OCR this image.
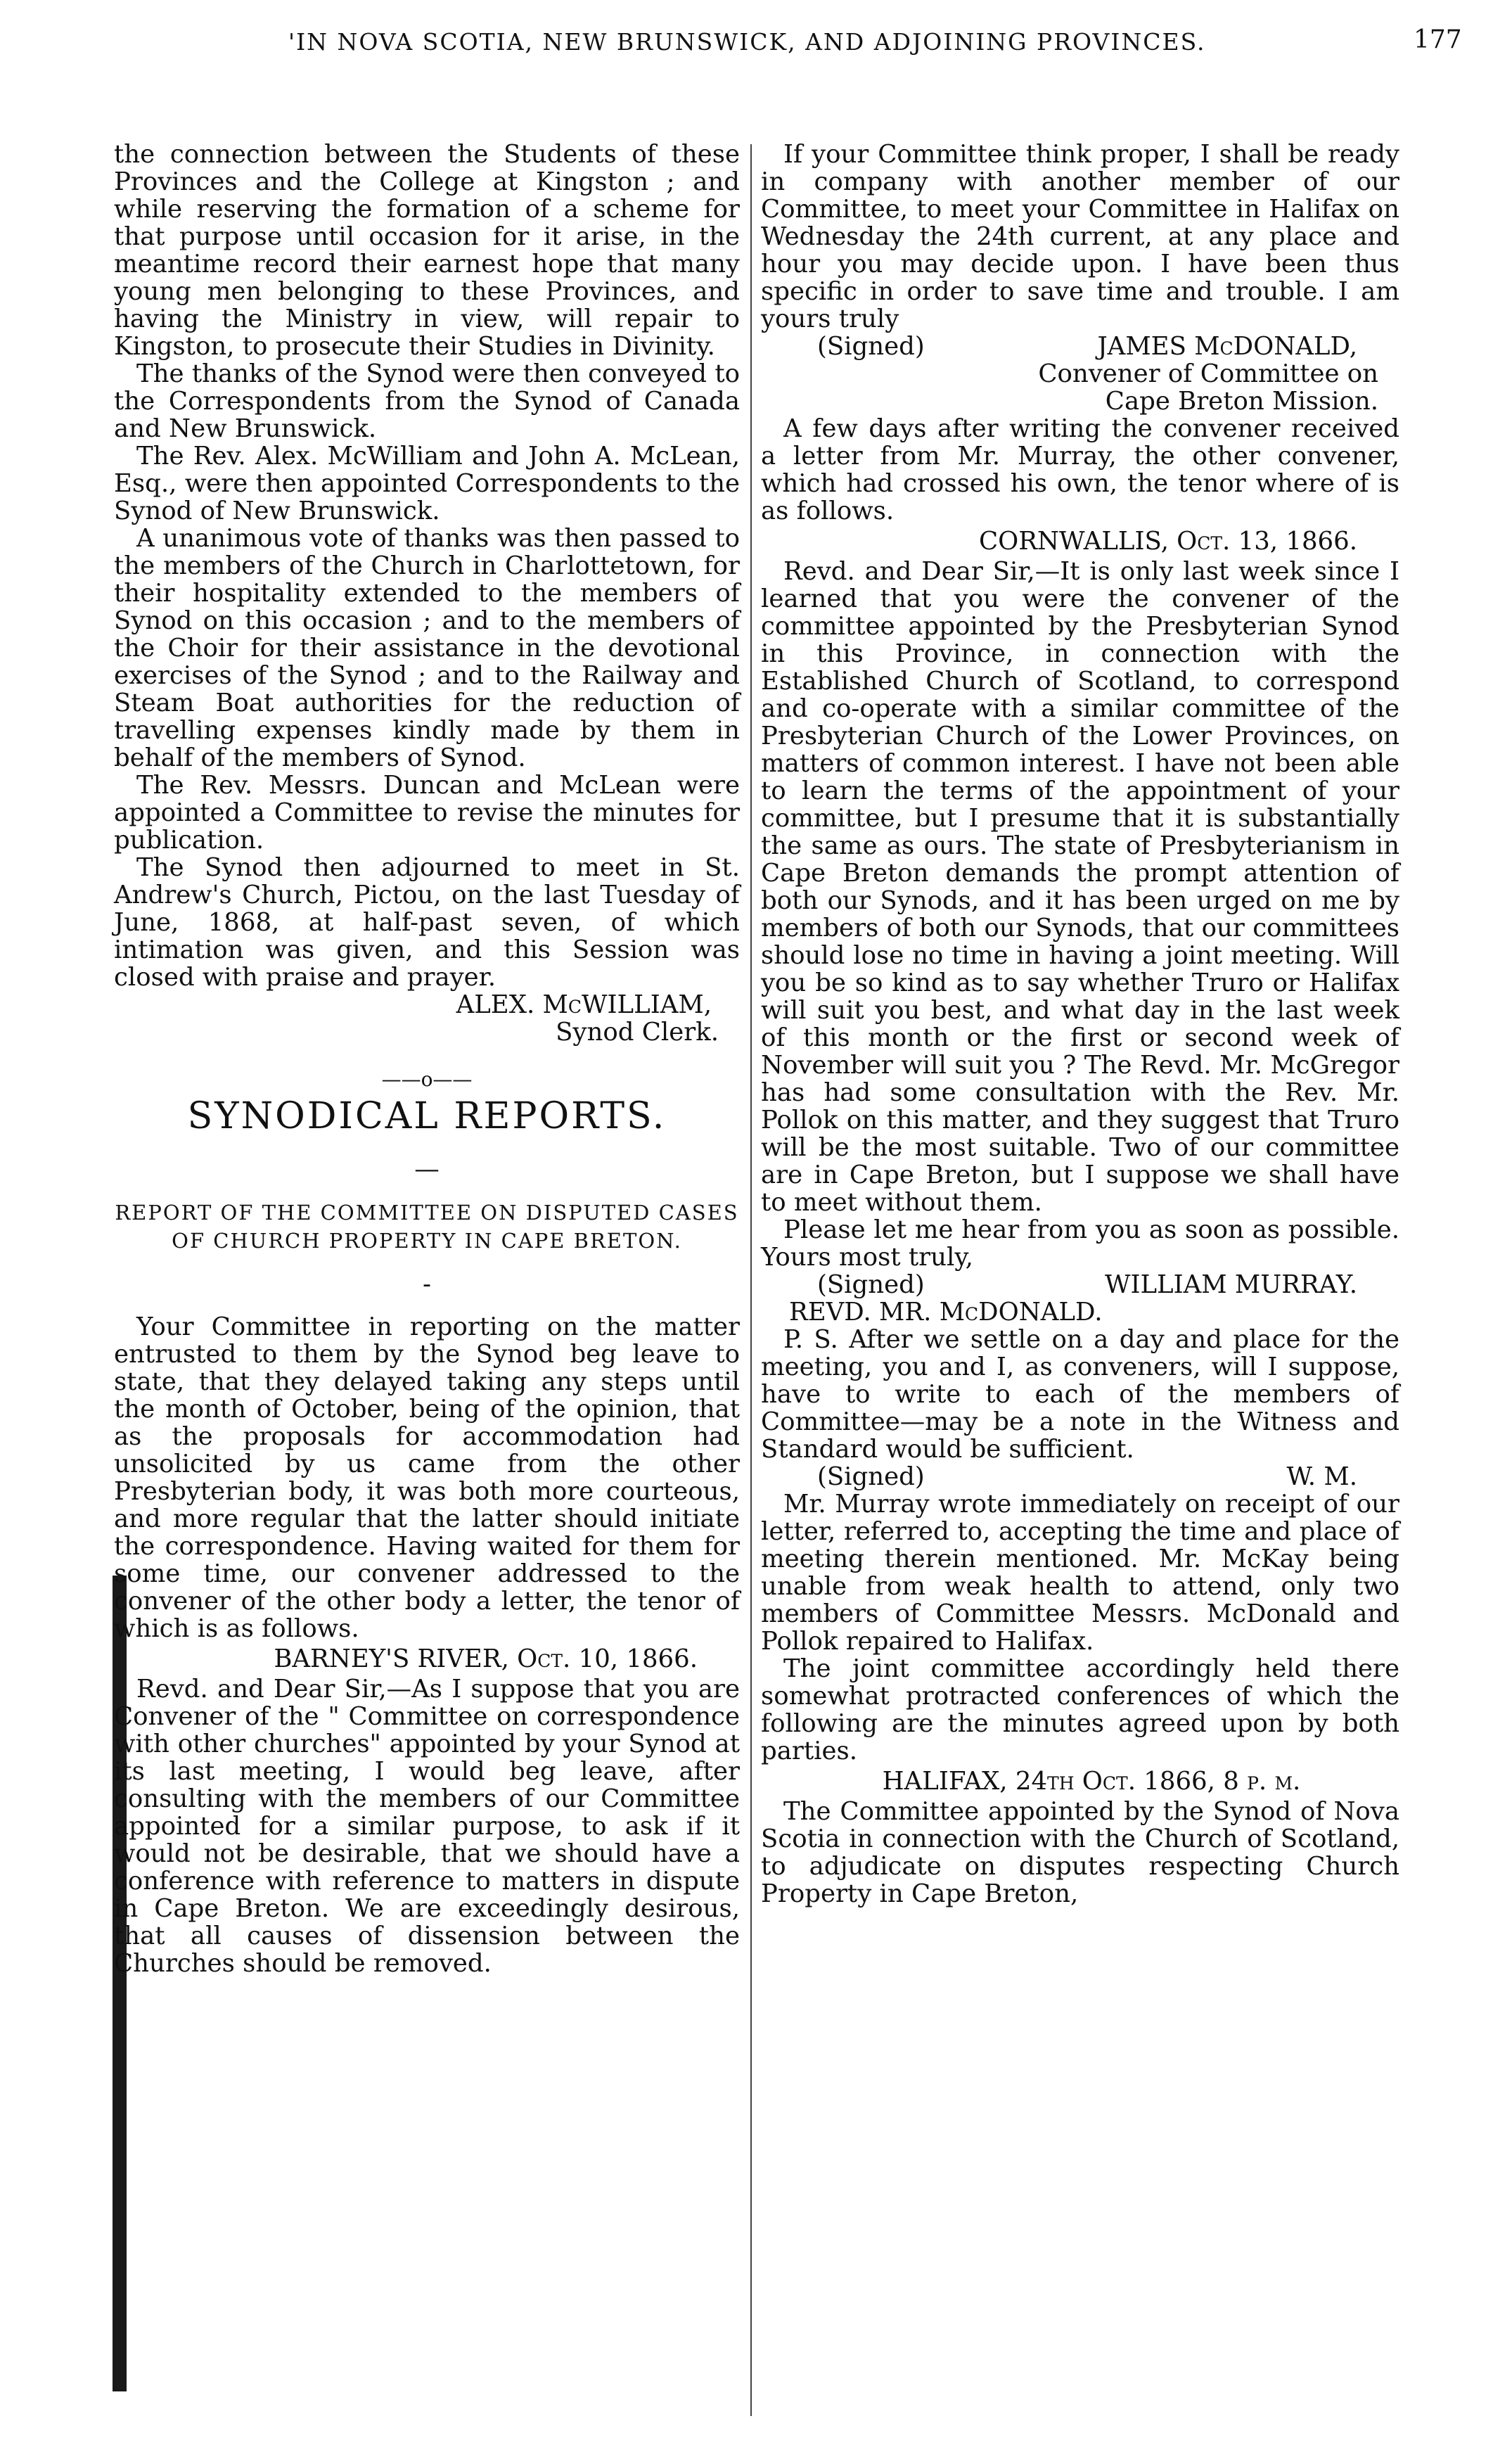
'IN NOVA SCOTIA, NEW BRUNSWICK, AND ADJOINING PROVINCES.	177

the connection between the Students of these Provinces and the College at Kingston ; and while reserving the formation of a scheme for that purpose until occasion for it arise, in the meantime record their earnest hope that many young men belonging to these Provinces, and having the Ministry in view, will repair to Kingston, to prosecute their Studies in Divinity.

The thanks of the Synod were then conveyed to the Correspondents from the Synod of Canada and New Brunswick.

The Rev. Alex. McWilliam and John A. McLean, Esq., were then appointed Correspondents to the Synod of New Brunswick.

A unanimous vote of thanks was then passed to the members of the Church in Charlottetown, for their hospitality extended to the members of Synod on this occasion ; and to the members of the Choir for their assistance in the devotional exercises of the Synod ; and to the Railway and Steam Boat authorities for the reduction of travelling expenses kindly made by them in behalf of the members of Synod.

The Rev. Messrs. Duncan and McLean were appointed a Committee to revise the minutes for publication.

The Synod then adjourned to meet in St. Andrew's Church, Pictou, on the last Tuesday of June, 1868, at half-past seven, of which intimation was given, and this Session was closed with praise and prayer.

ALEX. McWILLIAM,

Synod Clerk.

——o——
SYNODICAL REPORTS.
—
REPORT OF THE COMMITTEE ON DISPUTED CASES OF CHURCH PROPERTY IN CAPE BRETON.
-

Your Committee in reporting on the matter entrusted to them by the Synod beg leave to state, that they delayed taking any steps until the month of October, being of the opinion, that as the proposals for accommodation had unsolicited by us came from the other Presbyterian body, it was both more courteous, and more regular that the latter should initiate the correspondence. Having waited for them for some time, our convener addressed to the convener of the other body a letter, the tenor of which is as follows.

BARNEY'S RIVER, Oct. 10, 1866.

Revd. and Dear Sir,—As I suppose that you are Convener of the " Committee on correspondence with other churches" appointed by your Synod at its last meeting, I would beg leave, after consulting with the members of our Committee appointed for a similar purpose, to ask if it would not be desirable, that we should have a conference with reference to matters in dispute in Cape Breton. We are exceedingly desirous, that all causes of dissension between the Churches should be removed.

If your Committee think proper, I shall be ready in company with another member of our Committee, to meet your Committee in Halifax on Wednesday the 24th current, at any place and hour you may decide upon. I have been thus specific in order to save time and trouble. I am yours truly

(Signed)	JAMES McDONALD,

Convener of Committee on

Cape Breton Mission.

A few days after writing the convener received a letter from Mr. Murray, the other convener, which had crossed his own, the tenor where of is as follows.

CORNWALLIS, Oct. 13, 1866.

Revd. and Dear Sir,—It is only last week since I learned that you were the convener of the committee appointed by the Presbyterian Synod in this Province, in connection with the Established Church of Scotland, to correspond and co-operate with a similar committee of the Presbyterian Church of the Lower Provinces, on matters of common interest. I have not been able to learn the terms of the appointment of your committee, but I presume that it is substantially the same as ours. The state of Presbyterianism in Cape Breton demands the prompt attention of both our Synods, and it has been urged on me by members of both our Synods, that our committees should lose no time in having a joint meeting. Will you be so kind as to say whether Truro or Halifax will suit you best, and what day in the last week of this month or the first or second week of November will suit you ? The Revd. Mr. McGregor has had some consultation with the Rev. Mr. Pollok on this matter, and they suggest that Truro will be the most suitable. Two of our committee are in Cape Breton, but I suppose we shall have to meet without them.

Please let me hear from you as soon as possible. Yours most truly,

(Signed)	WILLIAM MURRAY.

REVD. MR. McDONALD.

P. S. After we settle on a day and place for the meeting, you and I, as conveners, will I suppose, have to write to each of the members of Committee—may be a note in the Witness and Standard would be sufficient.

(Signed)	W. M.

Mr. Murray wrote immediately on receipt of our letter, referred to, accepting the time and place of meeting therein mentioned. Mr. McKay being unable from weak health to attend, only two members of Committee Messrs. McDonald and Pollok repaired to Halifax.

The joint committee accordingly held there somewhat protracted conferences of which the following are the minutes agreed upon by both parties.

HALIFAX, 24th Oct. 1866, 8 p. m.

The Committee appointed by the Synod of Nova Scotia in connection with the Church of Scotland, to adjudicate on disputes respecting Church Property in Cape Breton,
